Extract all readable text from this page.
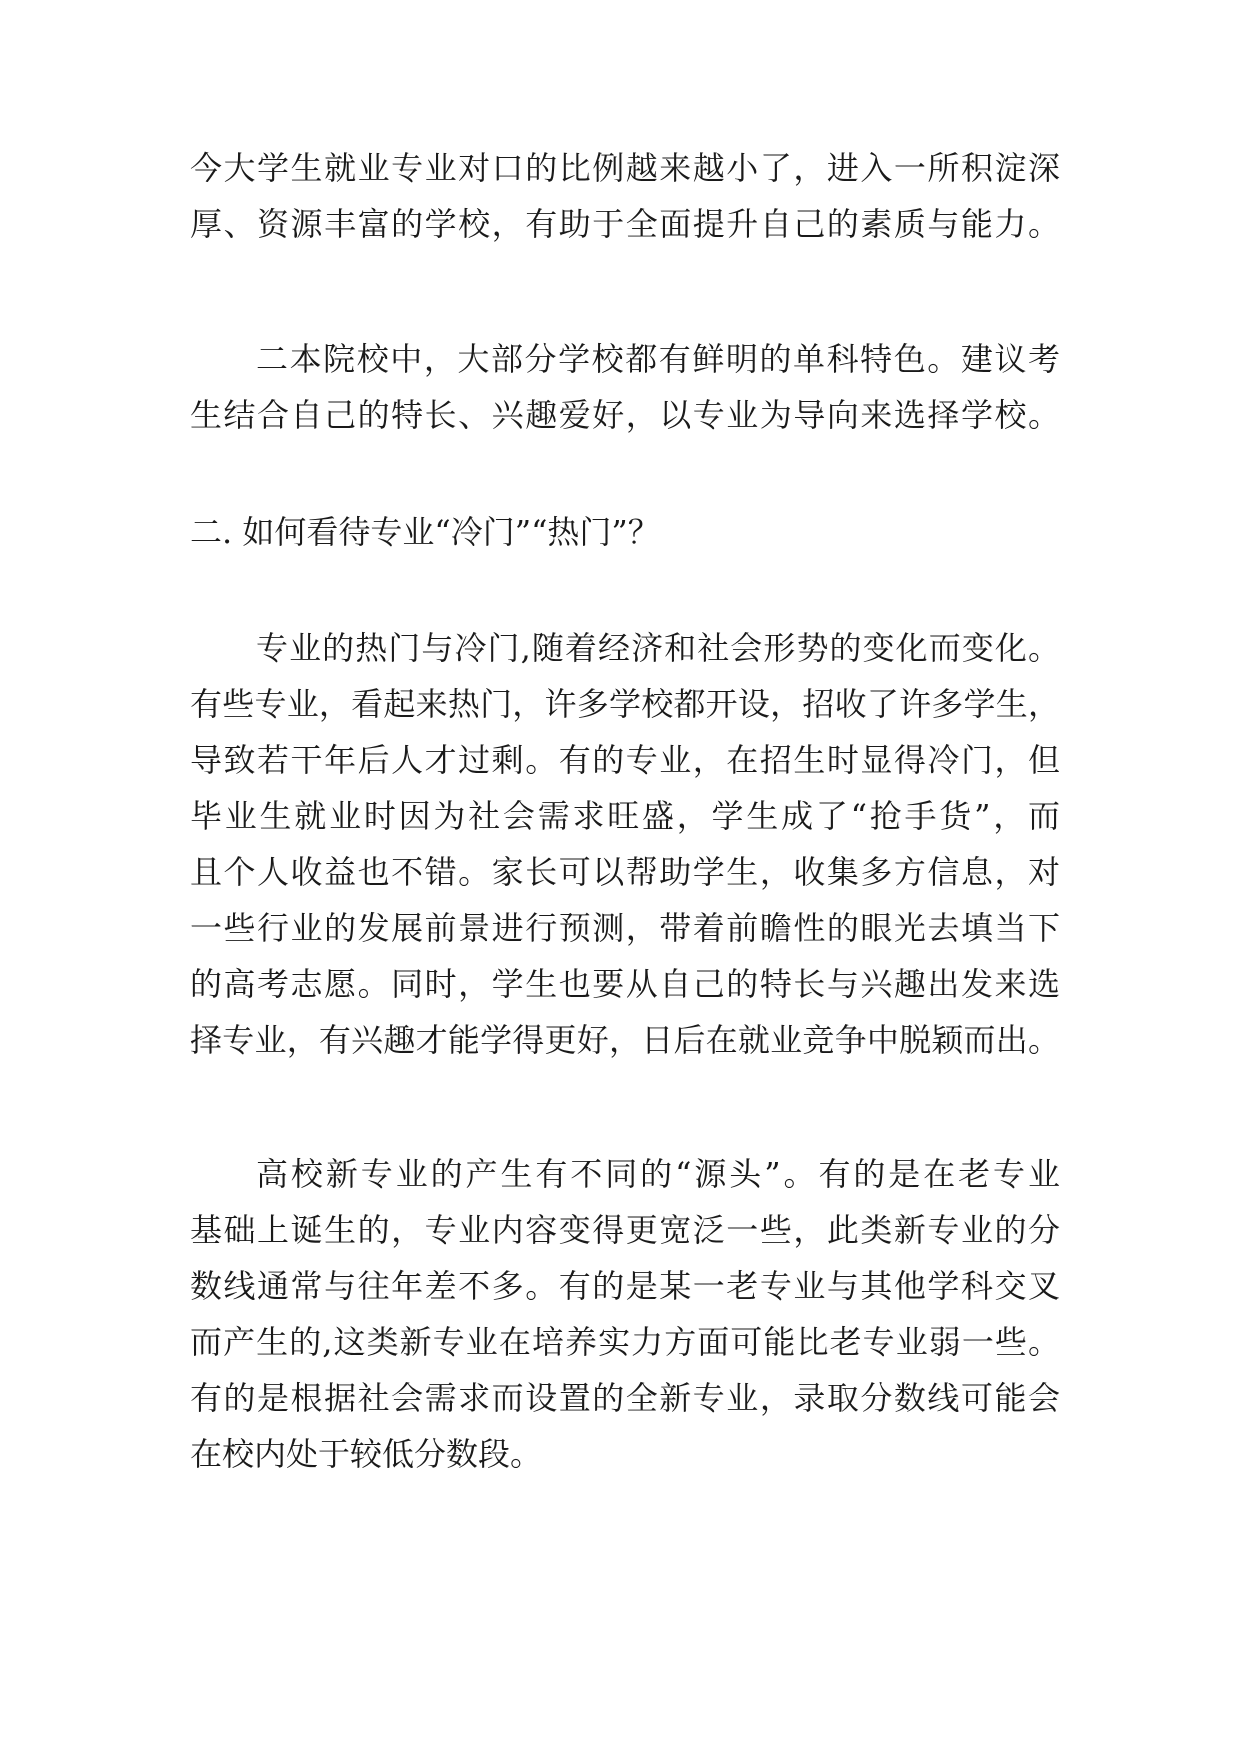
今大学生就业专业对口的比例越来越小了，进入一所积淀深
厚、资源丰富的学校，有助于全面提升自己的素质与能力。
二本院校中，大部分学校都有鲜明的单科特色。建议考
生结合自己的特长、兴趣爱好，以专业为导向来选择学校。
二. 如何看待专业“冷门”“热门”？
专业的热门与冷门,随着经济和社会形势的变化而变化。
有些专业，看起来热门，许多学校都开设，招收了许多学生，
导致若干年后人才过剩。有的专业，在招生时显得冷门，但
毕业生就业时因为社会需求旺盛，学生成了“抢手货”，而
且个人收益也不错。家长可以帮助学生，收集多方信息，对
一些行业的发展前景进行预测，带着前瞻性的眼光去填当下
的高考志愿。同时，学生也要从自己的特长与兴趣出发来选
择专业，有兴趣才能学得更好，日后在就业竞争中脱颖而出。
高校新专业的产生有不同的“源头”。有的是在老专业
基础上诞生的，专业内容变得更宽泛一些，此类新专业的分
数线通常与往年差不多。有的是某一老专业与其他学科交叉
而产生的,这类新专业在培养实力方面可能比老专业弱一些。
有的是根据社会需求而设置的全新专业，录取分数线可能会
在校内处于较低分数段。
